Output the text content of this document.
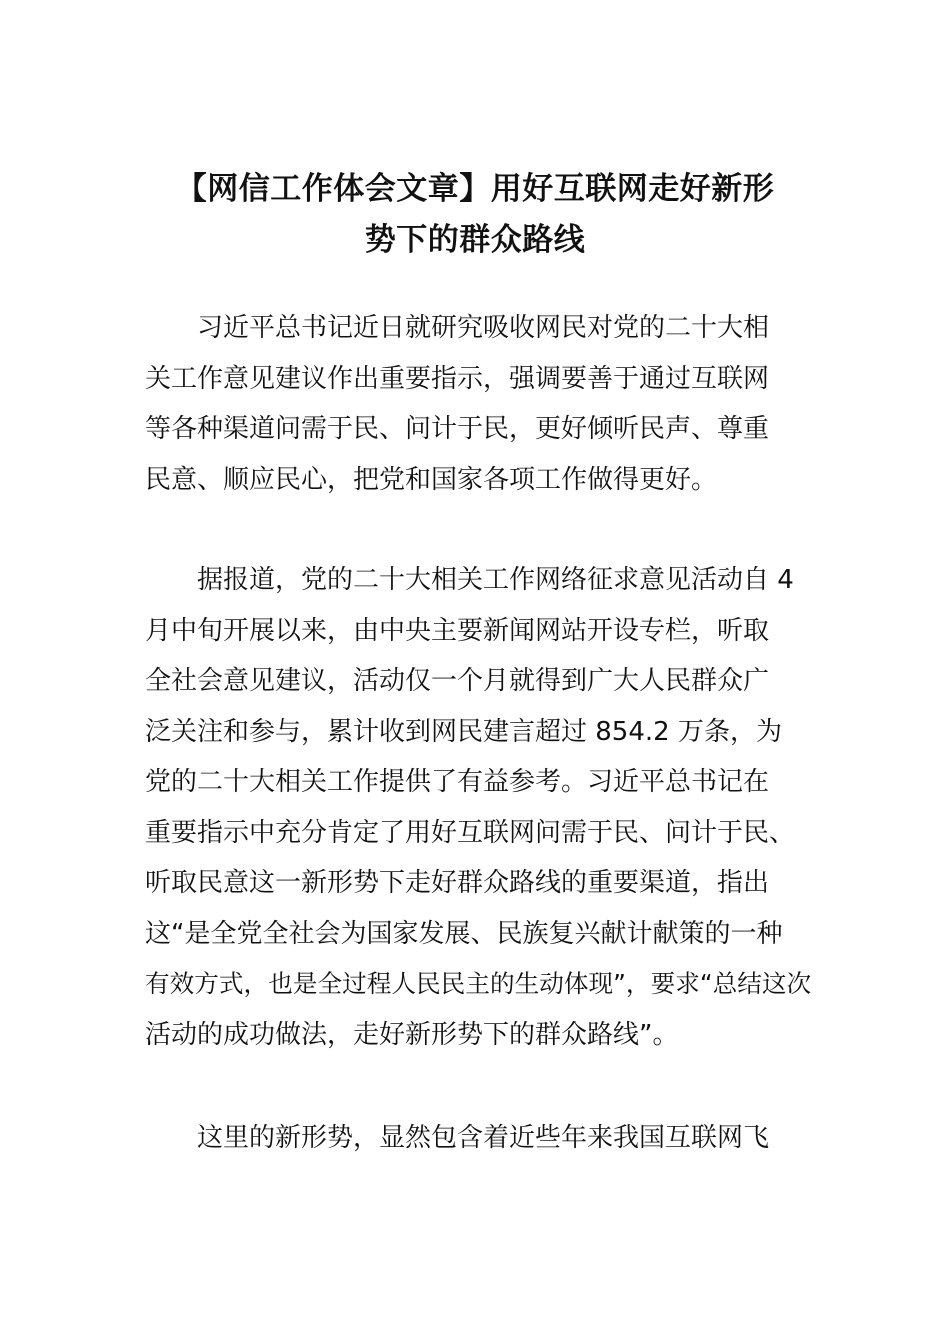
【网信工作体会文章】用好互联网走好新形
势下的群众路线

　　习近平总书记近日就研究吸收网民对党的二十大相
关工作意见建议作出重要指示，强调要善于通过互联网
等各种渠道问需于民、问计于民，更好倾听民声、尊重
民意、顺应民心，把党和国家各项工作做得更好。

　　据报道，党的二十大相关工作网络征求意见活动自 4
月中旬开展以来，由中央主要新闻网站开设专栏，听取
全社会意见建议，活动仅一个月就得到广大人民群众广
泛关注和参与，累计收到网民建言超过 854.2 万条，为
党的二十大相关工作提供了有益参考。习近平总书记在
重要指示中充分肯定了用好互联网问需于民、问计于民、
听取民意这一新形势下走好群众路线的重要渠道，指出
这“是全党全社会为国家发展、民族复兴献计献策的一种
有效方式，也是全过程人民民主的生动体现”，要求“总结这次
活动的成功做法，走好新形势下的群众路线”。

　　这里的新形势，显然包含着近些年来我国互联网飞
